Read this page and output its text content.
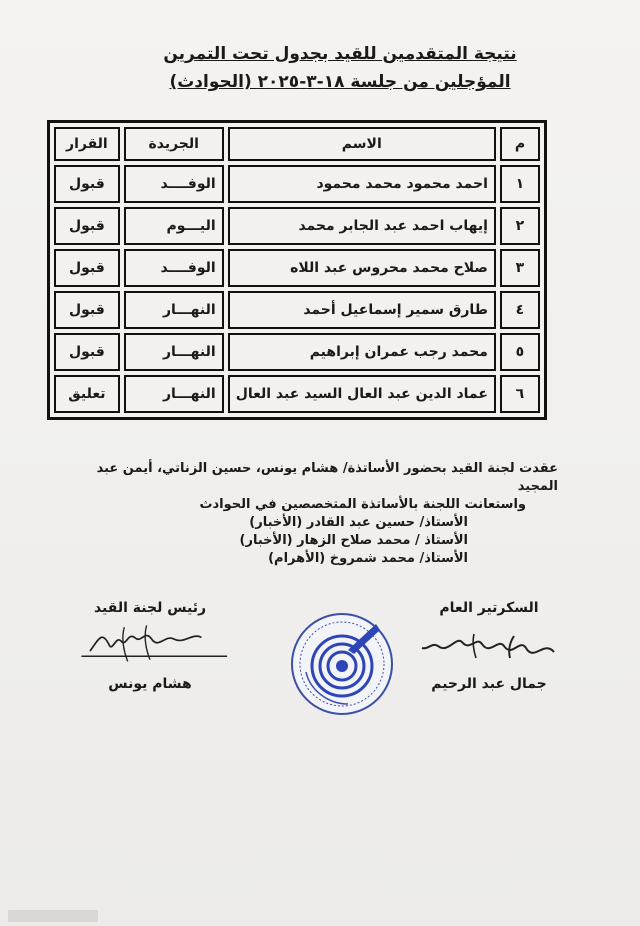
نتيجة المتقدمين للقيد بجدول تحت التمرين
المؤجلين من جلسة ١٨-٣-٢٠٢٥ (الحوادث)
م	الاسم	الجريدة	القرار
١	احمد محمود محمد محمود	الوفــــد	قبول
٢	إيهاب احمد عبد الجابر محمد	اليـــوم	قبول
٣	صلاح محمد محروس عبد اللاه	الوفــــد	قبول
٤	طارق سمير إسماعيل أحمد	النهـــار	قبول
٥	محمد رجب عمران إبراهيم	النهـــار	قبول
٦	عماد الدين عبد العال السيد عبد العال	النهـــار	تعليق
عقدت لجنة القيد بحضور الأساتذة/ هشام يونس، حسين الزناتي، أيمن عبد المجيد
واستعانت اللجنة بالأساتذة المتخصصين في الحوادث
الأستاذ/ حسين عبد القادر (الأخبار)
الأستاذ / محمد صلاح الزهار (الأخبار)
الأستاذ/ محمد شمروخ (الأهرام)
السكرتير العام
جمال عبد الرحيم
رئيس لجنة القيد
هشام يونس
